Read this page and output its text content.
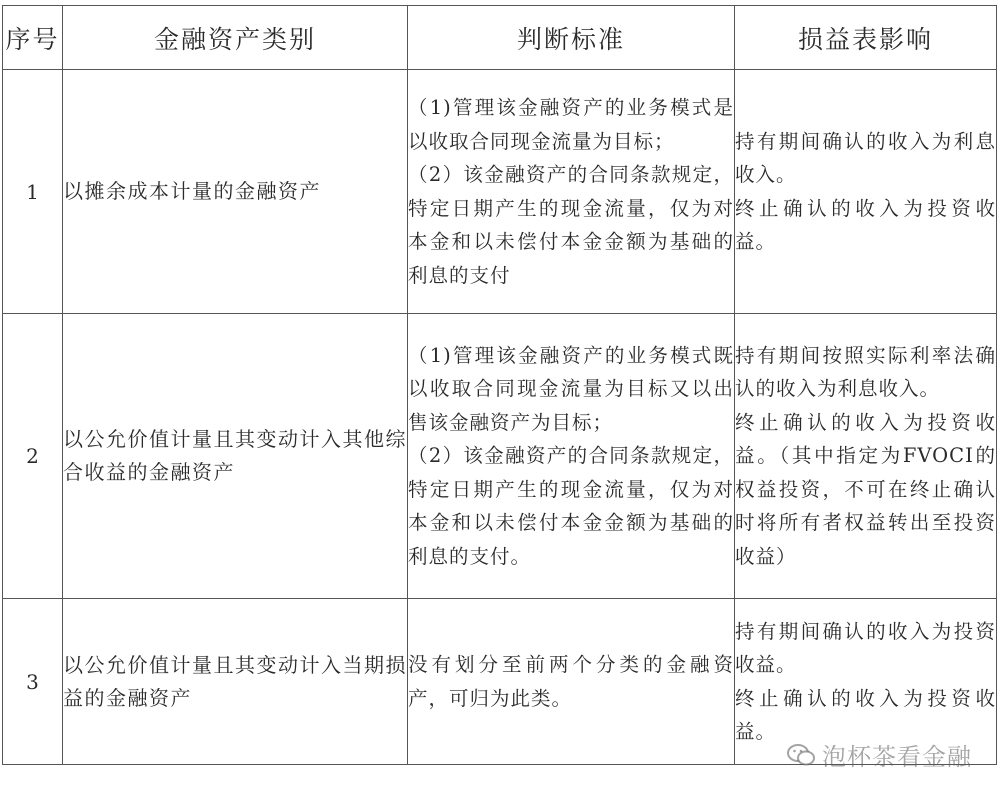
序号	金融资产类别	判断标准	损益表影响
1	以摊余成本计量的金融资产	（1)管理该金融资产的业务模式是以收取合同现金流量为目标；
（2）该金融资产的合同条款规定，特定日期产生的现金流量，仅为对本金和以未偿付本金金额为基础的利息的支付	持有期间确认的收入为利息收入。
终止确认的收入为投资收益。

2	以公允价值计量且其变动计入其他综合收益的金融资产	（1)管理该金融资产的业务模式既以收取合同现金流量为目标又以出售该金融资产为目标；
（2）该金融资产的合同条款规定，特定日期产生的现金流量，仅为对本金和以未偿付本金金额为基础的利息的支付。	持有期间按照实际利率法确认的收入为利息收入。
终止确认的收入为投资收益。（其中指定为FVOCI的权益投资，不可在终止确认时将所有者权益转出至投资收益）

3	以公允价值计量且其变动计入当期损益的金融资产	没有划分至前两个分类的金融资产，可归为此类。	持有期间确认的收入为投资收益。
终止确认的收入为投资收益。
泡杯茶看金融
